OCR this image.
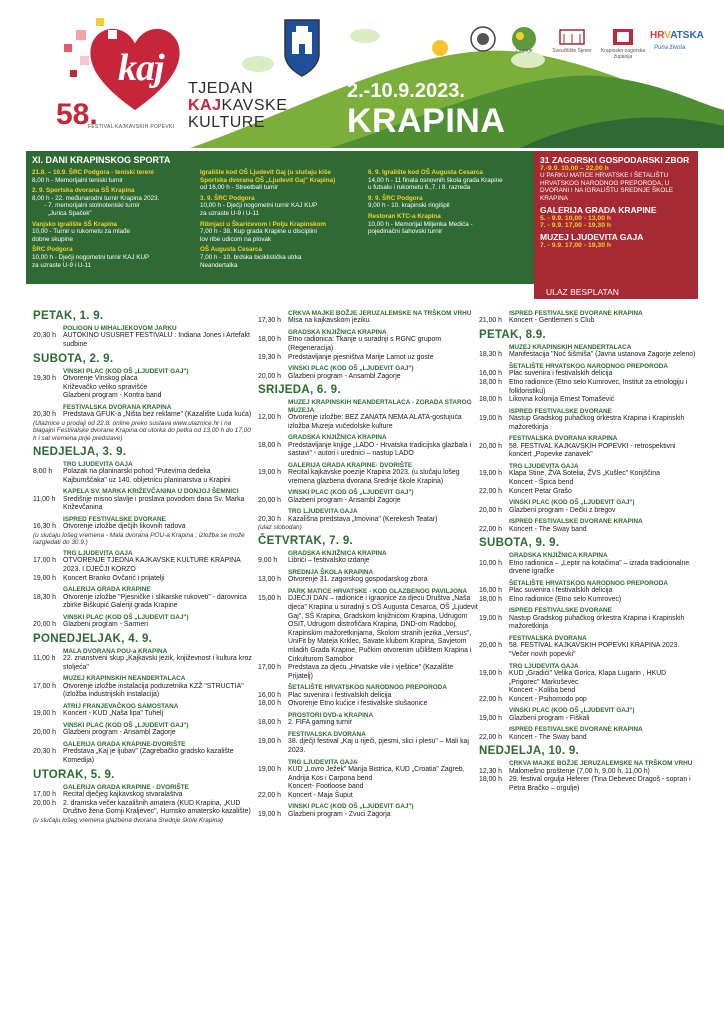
kaj
58.
FESTIVAL KAJKAVSKIH POPEVKI
TJEDAN
KAJKAVSKE
KULTURE
2.-10.9.2023.
KRAPINA
Zagorje	Sveučilište Sjever	Krapinsko-zagorska županija
HRVATSKA
Puna života
XI. DANI KRAPINSKOG SPORTA
21.8. – 10.9. ŠRC Podgora - teniski tereni
8,00 h - Memorijalni teniski turnir
2. 9. Sportska dvorana SŠ Krapina
8,00 h - 22. međunarodni turnir Krapina 2023.
- 7. memorijalni stolnoteniski turnir
„Jurica Spaček"
Vanjsko igralište SŠ Krapina
10,00 - Turnir u rukometu za mlađe
dobne skupine
ŠRC Podgora
10,00 h - Dječji nogometni turnir KAJ KUP
za uzraste U-9 i U-11
Igralište kod OŠ Ljudevit Gaj (u slučaju kiše
Sportska dvorana OŠ „Ljudevit Gaj" Krapina)
od 16,00 h - Streetball turnir
3. 9. ŠRC Podgora
10,00 h - Dječji nogometni turnir KAJ KUP
za uzraste U-9 i U-11
Ribnjaci u Škarićevom i Polju Krapinskom
7,00 h - 38. Kup grada Krapine u disciplini
lov ribe udicom na plovak
OŠ Augusta Cesarca
7,00 h - 10. brdska biciklistička utrka
Neandertalka
6. 9. Igralište kod OŠ Augusta Cesarca
14,00 h - 11 finala osnovnih škola grada Krapine
u futsalu i rukometu 6.,7. i 8. razreda
9. 9. ŠRC Podgora
9,00 h - 10. krapinski ringišpil
Restoran KTC-a Krapina
10,00 h - Memorijal Miljenka Medića -
pojedinačni šahovski turnir
31 ZAGORSKI GOSPODARSKI ZBOR
7.-9.9. 10,00 – 22,00 h
U PARKU MATICE HRVATSKE I ŠETALIŠTU HRVATSKOG NARODNOG PREPORODA, U DVORANI I NA IGRALIŠTU SREDNJE ŠKOLE KRAPINA
GALERIJA GRADA KRAPINE
5. - 9.9. 10,00 - 13,00 h
7. - 9.9. 17,00 - 19,30 h
MUZEJ LJUDEVITA GAJA
7. - 9.9. 17,00 - 19,30 h
ULAZ BESPLATAN
PETAK, 1. 9.
POLIGON U MIHALJEKOVOM JARKU
20,30 h AUTOKINO USUSRET FESTIVALU : Indiana Jones i Artefakt sudbine
SUBOTA, 2. 9.
VINSKI PLAC (KOD OŠ „LJUDEVIT GAJ")
19,30 h Otvorenje Vinskog placa
Križevačko veliko spravišće
Glazbeni program - Kontra band
FESTIVALSKA DVORANA KRAPINA
20,30 h Predstava GFUK-a „Ništa bez reklame" (Kazalište Luda kuća)
(Ulaznice u prodaji od 22.8. online preko sustava www.ulaznice.hr i na blagajni Festivalske dvorane Krapina od utorka do petka od 13,00 h do 17,00 h i sat vremena prije predstave)
NEDJELJA, 3. 9.
TRG LJUDEVITA GAJA
8,00 h Polazak na planinarski pohod "Putevima dedeka Kajbumščaka" uz 140. obljetnicu planinarstva u Krapini
KAPELA SV. MARKA KRIŽEVČANINA U DONJOJ ŠEMNICI
11,00 h Središnje misno slavlje i proslava povodom dana Sv. Marka Križevčanina
ISPRED FESTIVALSKE DVORANE
16,30 h Otvorenje izložbe dječjih likovnih radova
(u slučaju lošeg vremena - Mala dvorana POU-a Krapina ; izložba se može razgledati do 30.9.)
TRG LJUDEVITA GAJA
17,00 h OTVORENJE TJEDNA KAJKAVSKE KULTURE KRAPINA 2023. I DJEČJI KORZO
19,00 h Koncert Branko Ovčarić i prijatelji
GALERIJA GRADA KRAPINE
18,30 h Otvorenje izložbe "Pjesničke i slikarske rukoveti" - darovnica zbirke Biškupić Galeriji grada Krapine
VINSKI PLAC (KOD OŠ „LJUDEVIT GAJ")
20,00 h Glazbeni program - Šarmeri
PONEDJELJAK, 4. 9.
MALA DVORANA POU-a KRAPINA
11,00 h 22. znanstveni skup „Kajkavski jezik, književnost i kultura kroz stoljeća"
MUZEJ KRAPINSKIH NEANDERTALACA
17,00 h Otvorenje izložbe instalacija poduzetnika KZŽ "STRUCTIA" (izložba industrijskih instalacija)
ATRIJ FRANJEVAČKOG SAMOSTANA
19,00 h Koncert - KUD „Naša lipa" Tuhelj
VINSKI PLAC (KOD OŠ „LJUDEVIT GAJ")
20,00 h Glazbeni program - Ansambl Zagorje
GALERIJA GRADA KRAPINE-DVORIŠTE
20,30 h Predstava „Kaj je ljubav" (Zagrebačko gradsko kazalište Komedija)
UTORAK, 5. 9.
GALERIJA GRADA KRAPINE - DVORIŠTE
17,00 h Recital dječjeg kajkavskog stvaralaštva
20,00 h 2. dramska večer kazališnih amatera (KUD Krapina, „KUD Društvo žena Gornji Kraljevec", Humsko amatersko kazalište)
(u slučaju lošeg vremena glazbena dvorana Srednje škole Krapina)
CRKVA MAJKE BOŽJE JERUZALEMSKE NA TRŠKOM VRHU
17,30 h Misa na kajkavskom jeziku
GRADSKA KNJIŽNICA KRAPINA
18,00 h Etno radionica: Tkanje u suradnji s RGNC grupom (Regeneracija)
19,30 h Predstavljanje pjesništva Marije Lamot uz goste
VINSKI PLAC (KOD OŠ „LJUDEVIT GAJ")
20,00 h Glazbeni program - Ansambl Zagorje
SRIJEDA, 6. 9.
MUZEJ KRAPINSKIH NEANDERTALACA - ZGRADA STAROG MUZEJA
12,00 h Otvorenje izložbe: BEZ ZANATA NEMA ALATA-gostujuća izložba Muzeja vučedolske kulture
GRADSKA KNJIŽNICA KRAPINA
18,00 h Predstavljanje knjige „LADO - Hrvatska tradicijska glazbala i sastavi" - autori i urednici – nastup LADO
GALERIJA GRADA KRAPINE- DVORIŠTE
19,00 h Recital kajkavske poezije Krapina 2023. (u slučaju lošeg vremena glazbena dvorana Srednje škole Krapina)
VINSKI PLAC (KOD OŠ „LJUDEVIT GAJ")
20,00 h Glazbeni program - Ansambl Zagorje
TRG LJUDEVITA GAJA
20,30 h Kazališna predstava „Imovina" (Kerekesh Teatar)
(ulaz slobodan)
ČETVRTAK, 7. 9.
GRADSKA KNJIŽNICA KRAPINA
9,00 h Librići – festivalsko izdanje
SREDNJA ŠKOLA KRAPINA
13,00 h Otvorenje 31. zagorskog gospodarskog zbora
PARK MATICE HRVATSKE - KOD GLAZBENOG PAVILJONA
15,00 h DJEČJI DAN – radionice i igraonice za djecu Društva „Naša djeca" Krapina u suradnji s OŠ Augusta Cesarca, OŠ „Ljudevit Gaj", SŠ Krapina, Gradskom knjižnicom Krapina, Udrugom OSIT, Udrugom distrofičara Krapina, DND-om Radoboj, Krapinskim mažoretkinjama, Školom stranih jezika „Versus", UniFit by Mateja Krklec, Savate klubom Krapina, Savjetom mladih Grada Krapine, Pučkim otvorenim učilištem Krapina i Cirkulturom Samobor
17,00 h Predstava za djecu „Hrvatske vile i vještice" (Kazalište Prijatelj)
ŠETALIŠTE HRVATSKOG NARODNOG PREPORODA
16,00 h Plac suvenira i festivalskih delicija
18,00 h Otvorenje Etno kućice i festivalske slušaonice
PROSTORI DVD-a KRAPINA
18,00 h 2. FIFA gaming turnir
FESTIVALSKA DVORANA
19,00 h 38. dječji festival „Kaj u riječi, pjesmi, slici i plesu" – Mali kaj 2023.
TRG LJUDEVITA GAJA
19,00 h KUD „Lovro Ježek" Marija Bistrica, KUD „Croatia" Zagreb, Andrija Kos i Carpona bend
Koncert- Footloose band
22,00 h Koncert - Maja Šuput
VINSKI PLAC (KOD OŠ „LJUDEVIT GAJ")
19,00 h Glazbeni program - Zvuci Zagorja
ISPRED FESTIVALSKE DVORANE KRAPINA
21,00 h Koncert - Gentlemen´s Club
PETAK, 8.9.
MUZEJ KRAPINSKIH NEANDERTALACA
18,30 h Manifestacija "Noć šišmiša" (Javna ustanova Zagorje zeleno)
ŠETALIŠTE HRVATSKOG NARODNOG PREPORODA
16,00 h Plac suvenira i festivalskih delicija
18,00 h Etno radionice (Etno selo Kumrovec, Institut za etnologiju i folkloristiku)
18,00 h Likovna kolonija Ernest Tomašević
ISPRED FESTIVALSKE DVORANE
19,00 h Nastup Gradskog puhačkog orkestra Krapina i Krapinskih mažoretkinja
FESTIVALSKA DVORANA KRAPINA
20,00 h 58. FESTIVAL KAJKAVSKIH POPEVKI - retrospektivni koncert „Popevke zanavek"
TRG LJUDEVITA GAJA
19,00 h Klapa Stine, ŽVA Sotelia, ŽVS „Kušlec" Konjščina
Koncert - Špica bend
22,00 h Koncert Petar Grašo
VINSKI PLAC (KOD OŠ „LJUDEVIT GAJ")
20,00 h Glazbeni program - Dečki z bregov
ISPRED FESTIVALSKE DVORANE KRAPINA
22,00 h Koncert - The Sway band
SUBOTA, 9. 9.
GRADSKA KNJIŽNICA KRAPINA
10,00 h Etno radionica – „Leptir na kotačima" – izrada tradicionalne drvene igračke
ŠETALIŠTE HRVATSKOG NARODNOG PREPORODA
16,00 h Plac suvenira i festivalskih delicija
18,00 h Etno radionice (Etno selo Kumrovec)
ISPRED FESTIVALSKE DVORANE
19,00 h Nastup Gradskog puhačkog orkestra Krapina i Krapinskih mažoretkinja
FESTIVALSKA DVORANA
20,00 h 58. FESTIVAL KAJKAVSKIH POPEVKI KRAPINA 2023. "Večer novih popevki"
TRG LJUDEVITA GAJA
19,00 h KUD „Gradići" Velika Gorica, Klapa Lugarin , HKUD „Prigorec" Markuševec
Koncert - Koliba bend
22,00 h Koncert - Psihomodo pop
VINSKI PLAC (KOD OŠ „LJUDEVIT GAJ")
19,00 h Glazbeni program - Fiškali
ISPRED FESTIVALSKE DVORANE KRAPINA
22,00 h Koncert - The Sway band
NEDJELJA, 10. 9.
CRKVA MAJKE BOŽJE JERUZALEMSKE NA TRŠKOM VRHU
12,30 h Malomešno proštenje (7,00 h, 9,00 h, 11,00 h)
18,00 h 29. festival orgulja Heferer (Tina Debevec Dragoš - sopran i Petra Bračko – orgulje)
